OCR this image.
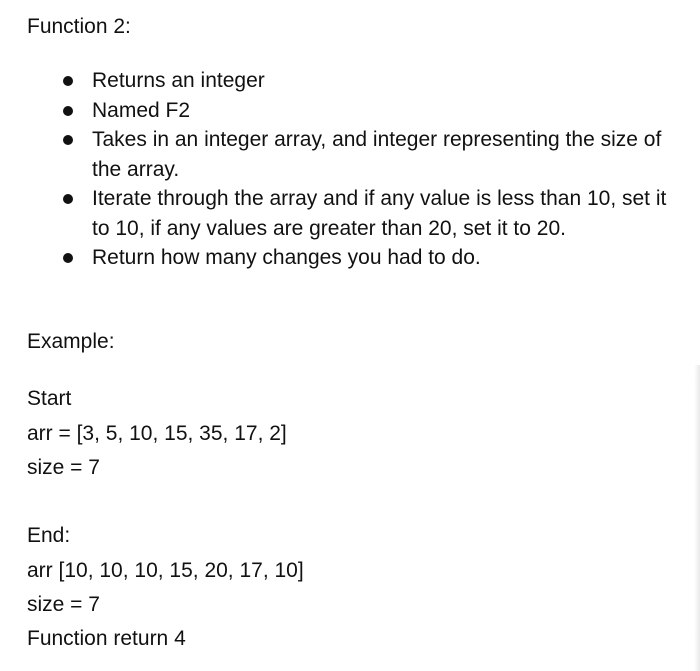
Function 2:
Returns an integer
Named F2
Takes in an integer array, and integer representing the size of the array.
Iterate through the array and if any value is less than 10, set it to 10, if any values are greater than 20, set it to 20.
Return how many changes you had to do.

Example:

Start

arr = [3, 5, 10, 15, 35, 17, 2]

size = 7

End:

arr [10, 10, 10, 15, 20, 17, 10]

size = 7

Function return 4
